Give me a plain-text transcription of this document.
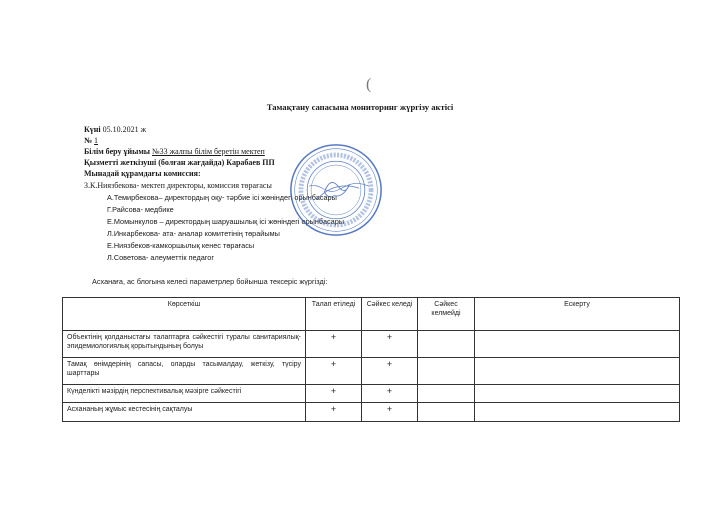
(
Тамақтану сапасына мониторинг жүргізу актісі
Күні 05.10.2021 ж
№ 1
Білім беру ұйымы №33 жалпы білім беретін мектеп
Қызметті жеткізуші (болған жағдайда) Карабаев ПП
Мынадай құрамдағы комиссия:
З.К.Ниязбекова- мектеп директоры, комиссия төрағасы
А.Темирбекова– директордың оқу- тәрбие ісі жөніндегі орынбасары
Г.Райсова- медбике
Е.Момынкулов – директордың шаруашылық ісі жөніндегі орынбасары
Л.Инкарбекова- ата- аналар комитетінің төрайымы
Е.Ниязбеков-камкоршылық кенес төрағасы
Л.Советова- алеуметтік педагог
Асханаға, ас блогына келесі параметрлер бойынша тексеріс жүргізді:
Көрсеткіш	Талап етіледі	Сәйкес келеді	Сәйкес келмейді	Ескерту
Объектінің қолданыстағы талаптарға сәйкестігі туралы санитариялық-эпидемиологиялық қорытындының болуы	+	+		
Тамақ өнімдерінің сапасы, оларды тасымалдау, жеткізу, түсіру шарттары	+	+		
Күнделікті мәзірдің перспективалық мәзірге сәйкестігі	+	+		
Асхананың жұмыс кестесінің сақталуы	+	+		
